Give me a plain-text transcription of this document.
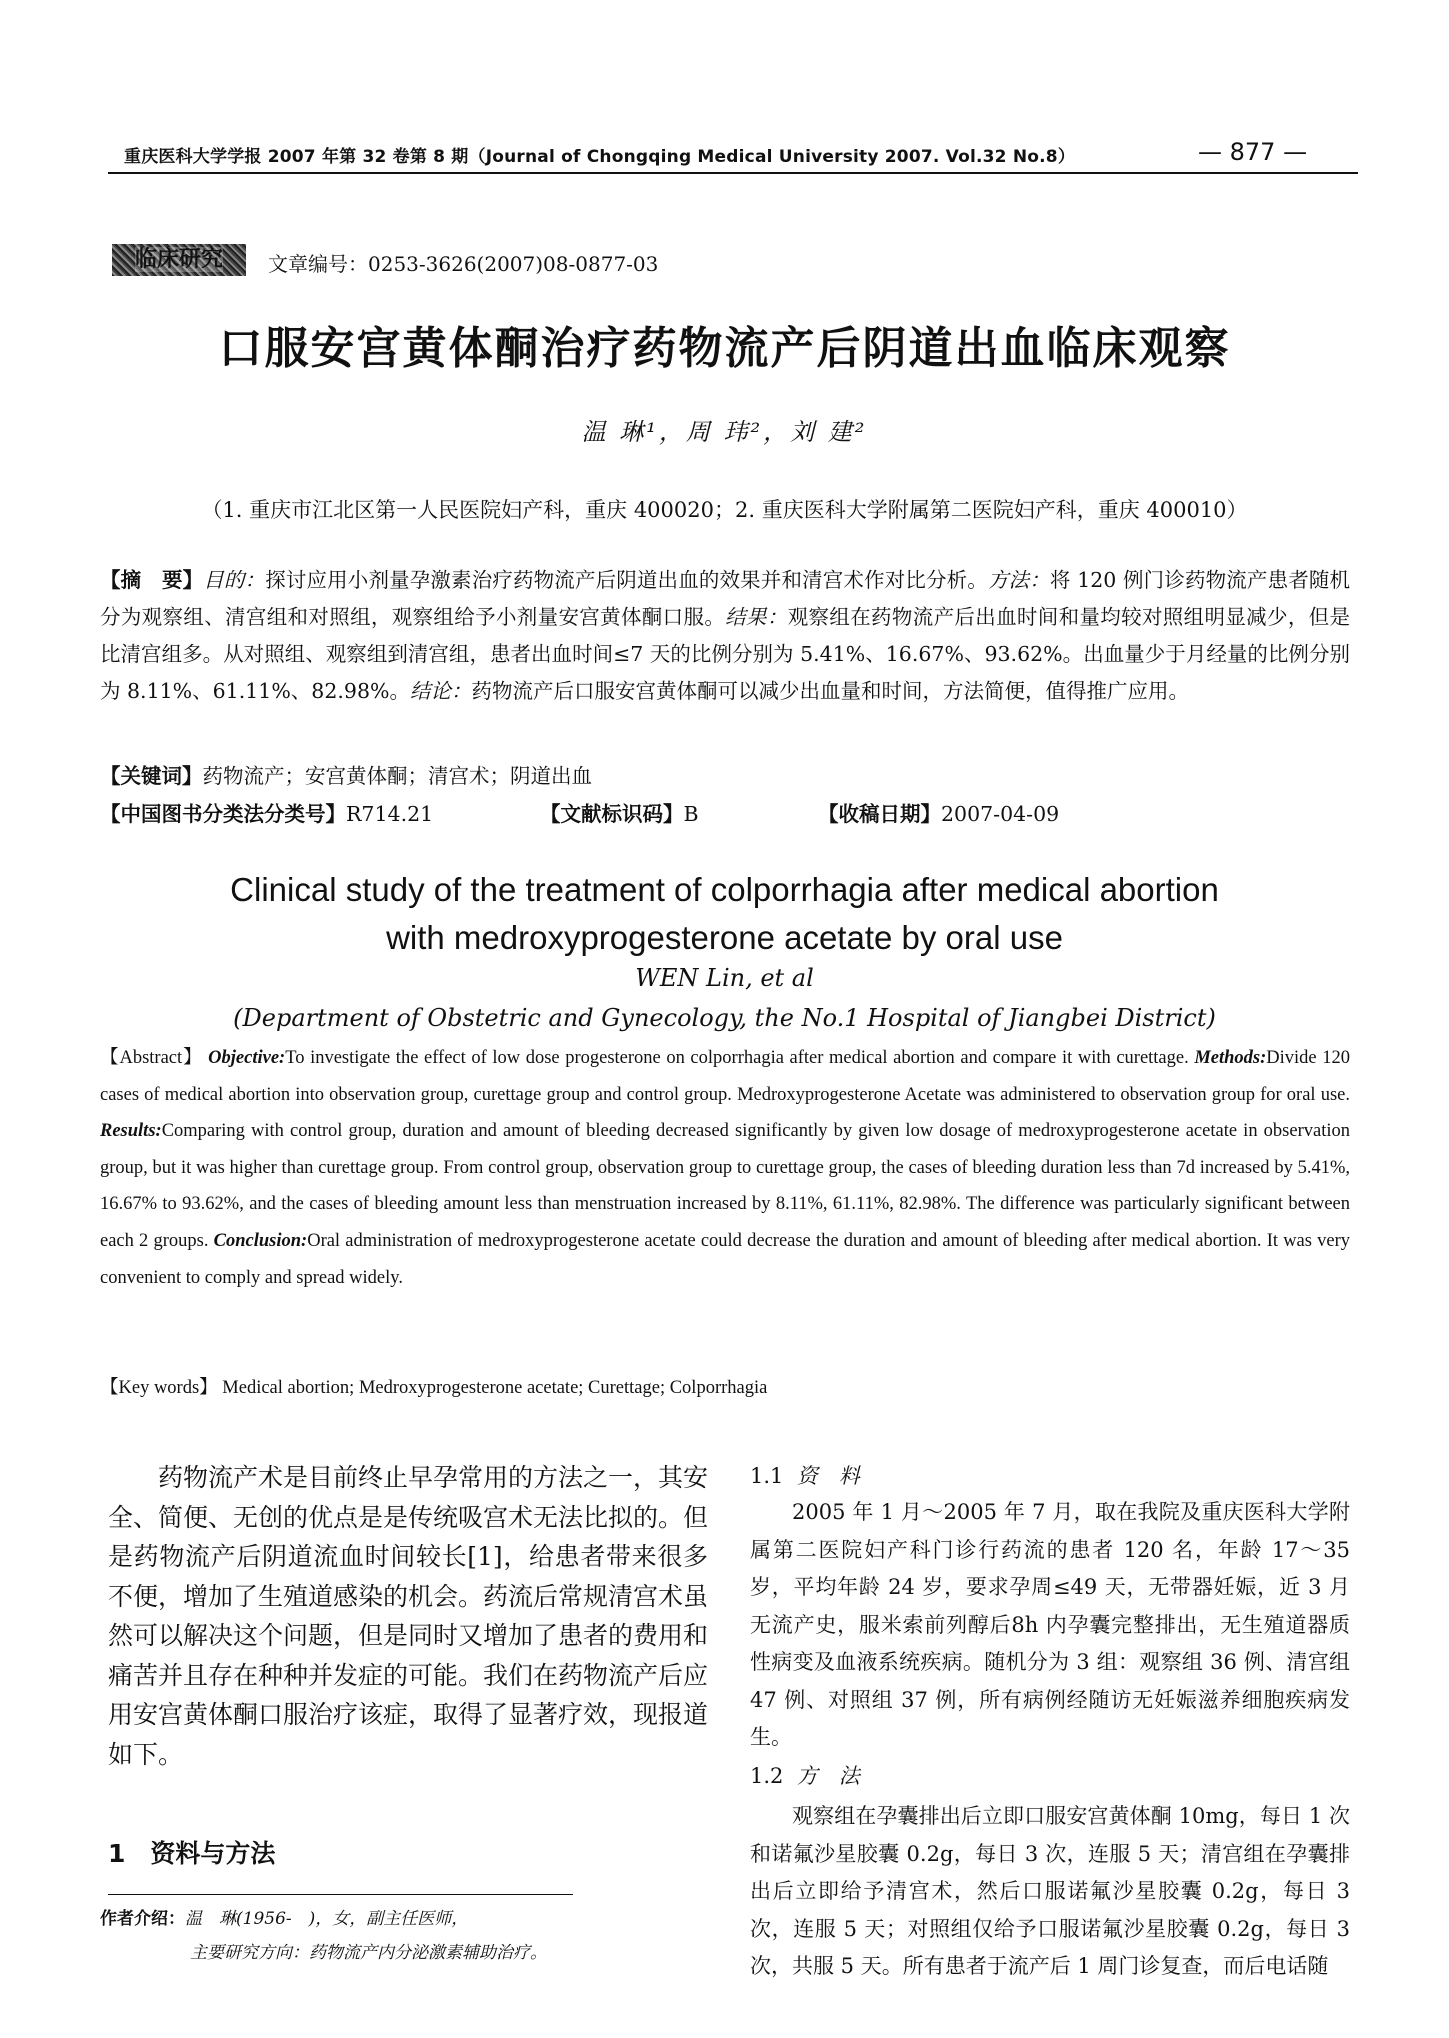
重庆医科大学学报 2007 年第 32 卷第 8 期（Journal of Chongqing Medical University 2007. Vol.32 No.8）	— 877 —
临床研究	文章编号：0253-3626(2007)08-0877-03
口服安宫黄体酮治疗药物流产后阴道出血临床观察
温 琳¹，周 玮²，刘 建²
（1. 重庆市江北区第一人民医院妇产科，重庆 400020；2. 重庆医科大学附属第二医院妇产科，重庆 400010）
【摘　要】目的：探讨应用小剂量孕激素治疗药物流产后阴道出血的效果并和清宫术作对比分析。方法：将 120 例门诊药物流产患者随机分为观察组、清宫组和对照组，观察组给予小剂量安宫黄体酮口服。结果：观察组在药物流产后出血时间和量均较对照组明显减少，但是比清宫组多。从对照组、观察组到清宫组，患者出血时间≤7 天的比例分别为 5.41%、16.67%、93.62%。出血量少于月经量的比例分别为 8.11%、61.11%、82.98%。结论：药物流产后口服安宫黄体酮可以减少出血量和时间，方法简便，值得推广应用。
【关键词】药物流产；安宫黄体酮；清宫术；阴道出血
【中国图书分类法分类号】R714.21	【文献标识码】B	【收稿日期】2007-04-09
Clinical study of the treatment of colporrhagia after medical abortion
with medroxyprogesterone acetate by oral use
WEN Lin, et al
(Department of Obstetric and Gynecology, the No.1 Hospital of Jiangbei District)
【Abstract】 Objective:To investigate the effect of low dose progesterone on colporrhagia after medical abortion and compare it with curettage. Methods:Divide 120 cases of medical abortion into observation group, curettage group and control group. Medroxyprogesterone Acetate was administered to observation group for oral use. Results:Comparing with control group, duration and amount of bleeding decreased significantly by given low dosage of medroxyprogesterone acetate in observation group, but it was higher than curettage group. From control group, observation group to curettage group, the cases of bleeding duration less than 7d increased by 5.41%, 16.67% to 93.62%, and the cases of bleeding amount less than menstruation increased by 8.11%, 61.11%, 82.98%. The difference was particularly significant between each 2 groups. Conclusion:Oral administration of medroxyprogesterone acetate could decrease the duration and amount of bleeding after medical abortion. It was very convenient to comply and spread widely.
【Key words】 Medical abortion; Medroxyprogesterone acetate; Curettage; Colporrhagia
药物流产术是目前终止早孕常用的方法之一，其安全、简便、无创的优点是是传统吸宫术无法比拟的。但是药物流产后阴道流血时间较长[1]，给患者带来很多不便，增加了生殖道感染的机会。药流后常规清宫术虽然可以解决这个问题，但是同时又增加了患者的费用和痛苦并且存在种种并发症的可能。我们在药物流产后应用安宫黄体酮口服治疗该症，取得了显著疗效，现报道如下。
1　资料与方法
作者介绍：温　琳(1956-　)，女，副主任医师，
主要研究方向：药物流产内分泌激素辅助治疗。
1.1 资　料
2005 年 1 月～2005 年 7 月，取在我院及重庆医科大学附属第二医院妇产科门诊行药流的患者 120 名，年龄 17～35 岁，平均年龄 24 岁，要求孕周≤49 天，无带器妊娠，近 3 月无流产史，服米索前列醇后8h 内孕囊完整排出，无生殖道器质性病变及血液系统疾病。随机分为 3 组：观察组 36 例、清宫组 47 例、对照组 37 例，所有病例经随访无妊娠滋养细胞疾病发生。
1.2 方　法
观察组在孕囊排出后立即口服安宫黄体酮 10mg，每日 1 次和诺氟沙星胶囊 0.2g，每日 3 次，连服 5 天；清宫组在孕囊排出后立即给予清宫术，然后口服诺氟沙星胶囊 0.2g，每日 3 次，连服 5 天；对照组仅给予口服诺氟沙星胶囊 0.2g，每日 3 次，共服 5 天。所有患者于流产后 1 周门诊复查，而后电话随
